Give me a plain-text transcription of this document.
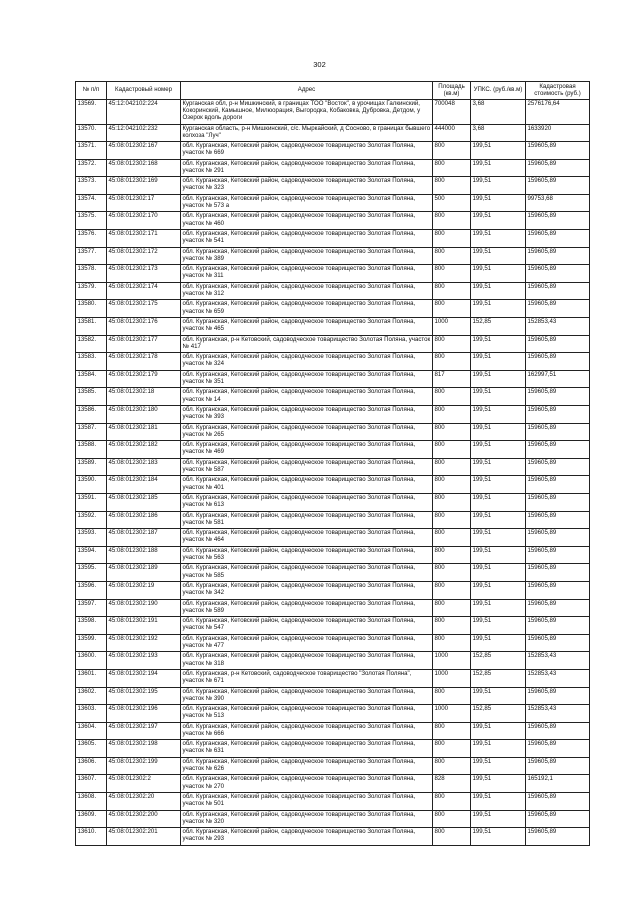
302
№ п/п	Кадастровый номер	Адрес	Площадь (кв.м)	УПКС. (руб./кв.м)	Кадастровая стоимость (руб.)
13569.	45:12:042102:224	Курганская обл, р-н Мишкинский, в границах ТОО "Восток", в урочищах Галкинский, Кокоринский, Камышное, Милюорация, Выгородка, Кобаковка, Дубровка, Детдом, у Озерок вдоль дороги	700048	3,68	2576176,64
13570.	45:12:042102:232	Курганская область, р-н Мишкинский, с/с. Мыркайский, д Сосново, в границах бывшего колхоза "Луч"	444000	3,68	1633920
13571.	45:08:012302:167	обл. Курганская, Кетовский район, садоводческое товарищество Золотая Поляна, участок № 669	800	199,51	159605,89
13572.	45:08:012302:168	обл. Курганская, Кетовский район, садоводческое товарищество Золотая Поляна, участок № 291	800	199,51	159605,89
13573.	45:08:012302:169	обл. Курганская, Кетовский район, садоводческое товарищество Золотая Поляна, участок № 323	800	199,51	159605,89
13574.	45:08:012302:17	обл. Курганская, Кетовский район, садоводческое товарищество Золотая Поляна, участок № 573 а	500	199,51	99753,68
13575.	45:08:012302:170	обл. Курганская, Кетовский район, садоводческое товарищество Золотая Поляна, участок № 460	800	199,51	159605,89
13576.	45:08:012302:171	обл. Курганская, Кетовский район, садоводческое товарищество Золотая Поляна, участок № 541	800	199,51	159605,89
13577.	45:08:012302:172	обл. Курганская, Кетовский район, садоводческое товарищество Золотая Поляна, участок № 389	800	199,51	159605,89
13578.	45:08:012302:173	обл. Курганская, Кетовский район, садоводческое товарищество Золотая Поляна, участок № 311	800	199,51	159605,89
13579.	45:08:012302:174	обл. Курганская, Кетовский район, садоводческое товарищество Золотая Поляна, участок № 312	800	199,51	159605,89
13580.	45:08:012302:175	обл. Курганская, Кетовский район, садоводческое товарищество Золотая Поляна, участок № 659	800	199,51	159605,89
13581.	45:08:012302:176	обл. Курганская, Кетовский район, садоводческое товарищество Золотая Поляна, участок № 465	1000	152,85	152853,43
13582.	45:08:012302:177	обл. Курганская, р-н Кетовский, садоводческое товарищество Золотая Поляна, участок № 417	800	199,51	159605,89
13583.	45:08:012302:178	обл. Курганская, Кетовский район, садоводческое товарищество Золотая Поляна, участок № 324	800	199,51	159605,89
13584.	45:08:012302:179	обл. Курганская, Кетовский район, садоводческое товарищество Золотая Поляна, участок № 351	817	199,51	162997,51
13585.	45:08:012302:18	обл. Курганская, Кетовский район, садоводческое товарищество Золотая Поляна, участок № 14	800	199,51	159605,89
13586.	45:08:012302:180	обл. Курганская, Кетовский район, садоводческое товарищество Золотая Поляна, участок № 393	800	199,51	159605,89
13587.	45:08:012302:181	обл. Курганская, Кетовский район, садоводческое товарищество Золотая Поляна, участок № 265	800	199,51	159605,89
13588.	45:08:012302:182	обл. Курганская, Кетовский район, садоводческое товарищество Золотая Поляна, участок № 469	800	199,51	159605,89
13589.	45:08:012302:183	обл. Курганская, Кетовский район, садоводческое товарищество Золотая Поляна, участок № 587	800	199,51	159605,89
13590.	45:08:012302:184	обл. Курганская, Кетовский район, садоводческое товарищество Золотая Поляна, участок № 401	800	199,51	159605,89
13591.	45:08:012302:185	обл. Курганская, Кетовский район, садоводческое товарищество Золотая Поляна, участок № 613	800	199,51	159605,89
13592.	45:08:012302:186	обл. Курганская, Кетовский район, садоводческое товарищество Золотая Поляна, участок № 581	800	199,51	159605,89
13593.	45:08:012302:187	обл. Курганская, Кетовский район, садоводческое товарищество Золотая Поляна, участок № 464	800	199,51	159605,89
13594.	45:08:012302:188	обл. Курганская, Кетовский район, садоводческое товарищество Золотая Поляна, участок № 563	800	199,51	159605,89
13595.	45:08:012302:189	обл. Курганская, Кетовский район, садоводческое товарищество Золотая Поляна, участок № 585	800	199,51	159605,89
13596.	45:08:012302:19	обл. Курганская, Кетовский район, садоводческое товарищество Золотая Поляна, участок № 342	800	199,51	159605,89
13597.	45:08:012302:190	обл. Курганская, Кетовский район, садоводческое товарищество Золотая Поляна, участок № 589	800	199,51	159605,89
13598.	45:08:012302:191	обл. Курганская, Кетовский район, садоводческое товарищество Золотая Поляна, участок № 547	800	199,51	159605,89
13599.	45:08:012302:192	обл. Курганская, Кетовский район, садоводческое товарищество Золотая Поляна, участок № 477	800	199,51	159605,89
13600.	45:08:012302:193	обл. Курганская, Кетовский район, садоводческое товарищество Золотая Поляна, участок № 318	1000	152,85	152853,43
13601.	45:08:012302:194	обл. Курганская, р-н Кетовский, садоводческое товарищество "Золотая Поляна", участок № 671	1000	152,85	152853,43
13602.	45:08:012302:195	обл. Курганская, Кетовский район, садоводческое товарищество Золотая Поляна, участок № 390	800	199,51	159605,89
13603.	45:08:012302:196	обл. Курганская, Кетовский район, садоводческое товарищество Золотая Поляна, участок № 513	1000	152,85	152853,43
13604.	45:08:012302:197	обл. Курганская, Кетовский район, садоводческое товарищество Золотая Поляна, участок № 666	800	199,51	159605,89
13605.	45:08:012302:198	обл. Курганская, Кетовский район, садоводческое товарищество Золотая Поляна, участок № 631	800	199,51	159605,89
13606.	45:08:012302:199	обл. Курганская, Кетовский район, садоводческое товарищество Золотая Поляна, участок № 626	800	199,51	159605,89
13607.	45:08:012302:2	обл. Курганская, Кетовский район, садоводческое товарищество Золотая Поляна, участок № 270	828	199,51	165192,1
13608.	45:08:012302:20	обл. Курганская, Кетовский район, садоводческое товарищество Золотая Поляна, участок № 501	800	199,51	159605,89
13609.	45:08:012302:200	обл. Курганская, Кетовский район, садоводческое товарищество Золотая Поляна, участок № 320	800	199,51	159605,89
13610.	45:08:012302:201	обл. Курганская, Кетовский район, садоводческое товарищество Золотая Поляна, участок № 293	800	199,51	159605,89
